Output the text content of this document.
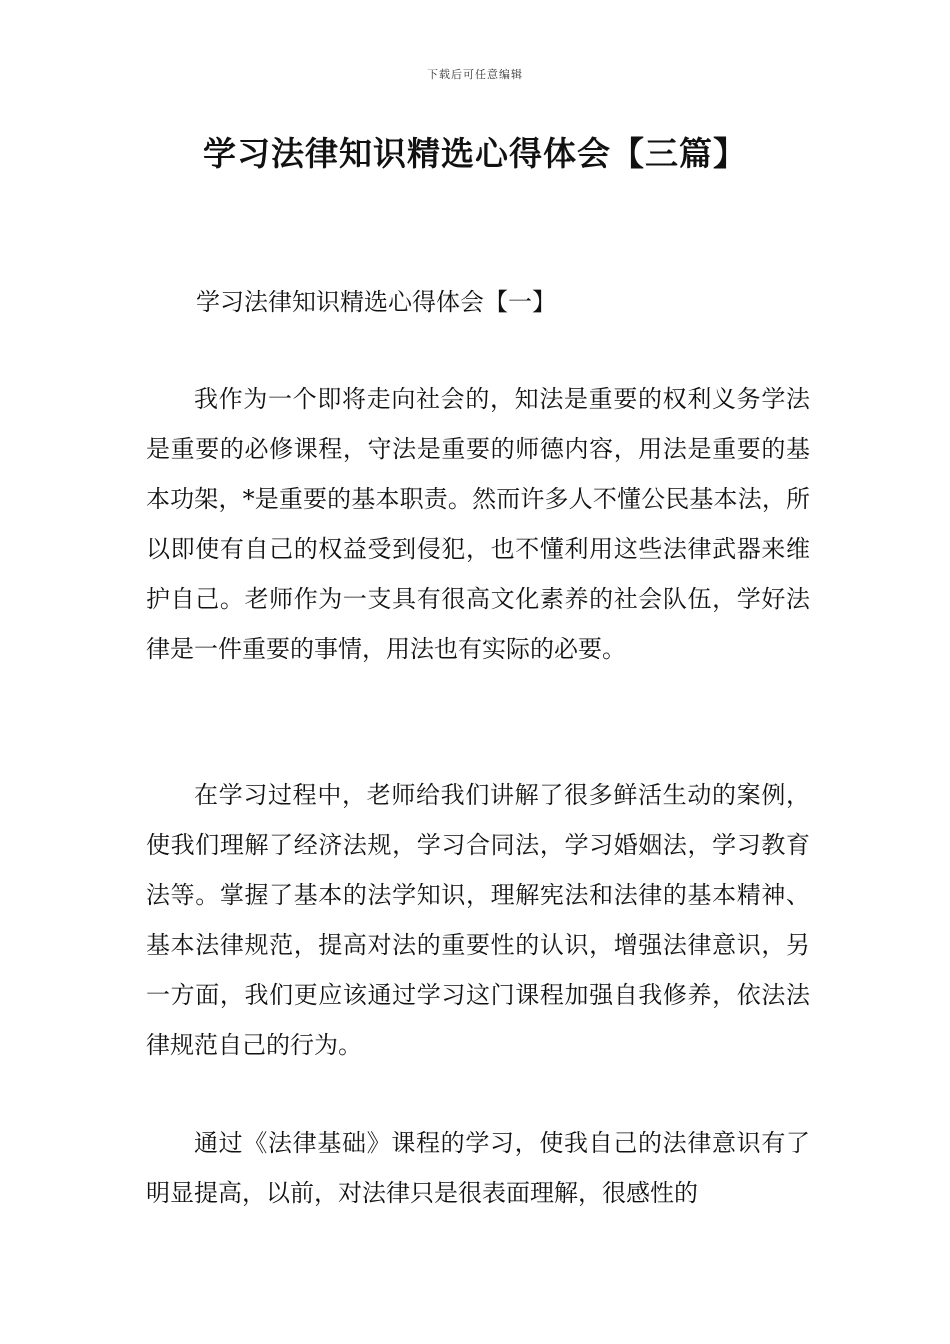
下载后可任意编辑
学习法律知识精选心得体会【三篇】
学习法律知识精选心得体会【一】

我作为一个即将走向社会的，知法是重要的权利义务学法是重要的必修课程，守法是重要的师德内容，用法是重要的基本功架，*是重要的基本职责。然而许多人不懂公民基本法，所以即使有自己的权益受到侵犯，也不懂利用这些法律武器来维护自己。老师作为一支具有很高文化素养的社会队伍，学好法律是一件重要的事情，用法也有实际的必要。

在学习过程中，老师给我们讲解了很多鲜活生动的案例，使我们理解了经济法规，学习合同法，学习婚姻法，学习教育法等。掌握了基本的法学知识，理解宪法和法律的基本精神、基本法律规范，提高对法的重要性的认识，增强法律意识，另一方面，我们更应该通过学习这门课程加强自我修养，依法法律规范自己的行为。

通过《法律基础》课程的学习，使我自己的法律意识有了明显提高，以前，对法律只是很表面理解，很感性的
